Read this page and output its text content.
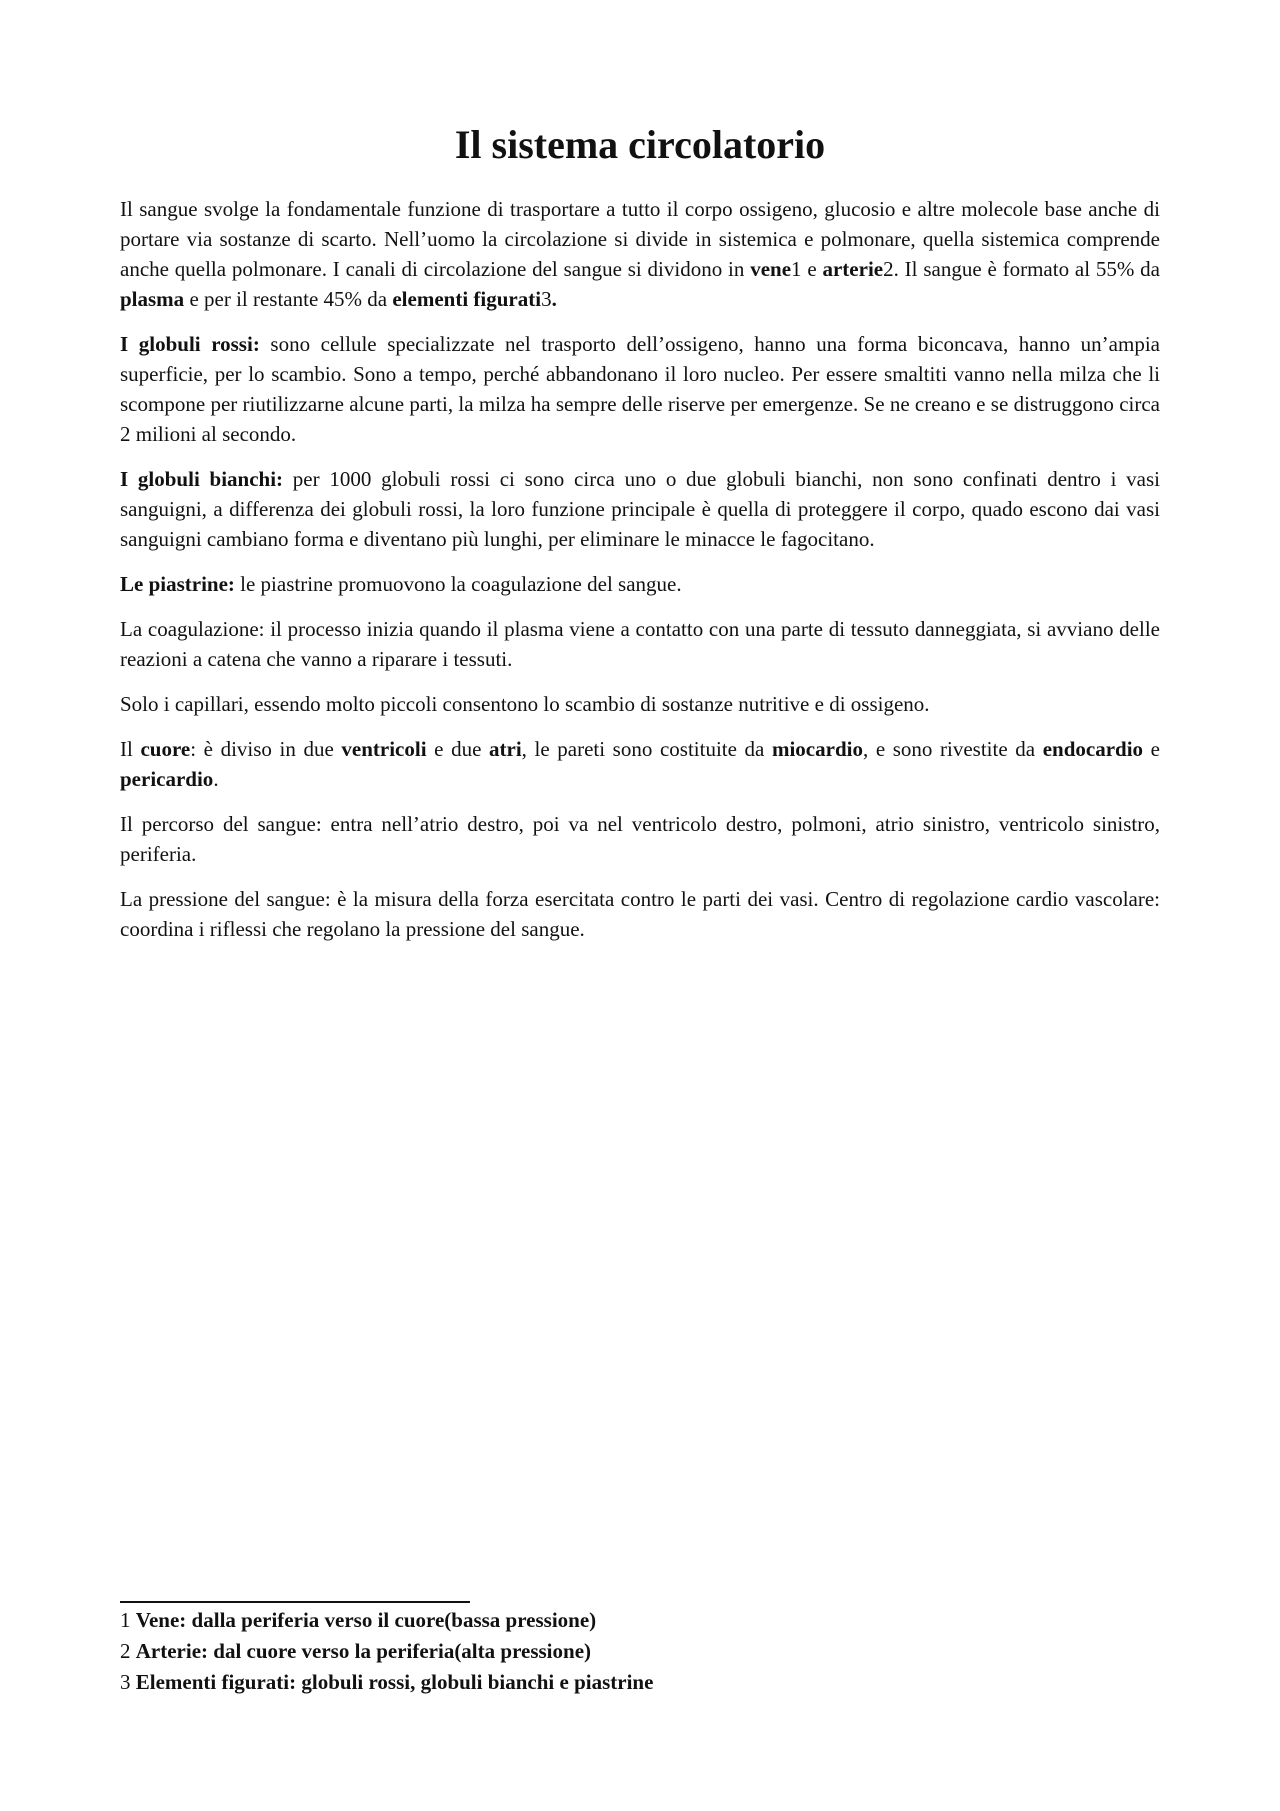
Il sistema circolatorio

Il sangue svolge la fondamentale funzione di trasportare a tutto il corpo ossigeno, glucosio e altre molecole base anche di portare via sostanze di scarto. Nell’uomo la circolazione si divide in sistemica e polmonare, quella sistemica comprende anche quella polmonare. I canali di circolazione del sangue si dividono in vene1 e arterie2. Il sangue è formato al 55% da plasma e per il restante 45% da elementi figurati3.

I globuli rossi: sono cellule specializzate nel trasporto dell’ossigeno, hanno una forma biconcava, hanno un’ampia superficie, per lo scambio. Sono a tempo, perché abbandonano il loro nucleo. Per essere smaltiti vanno nella milza che li scompone per riutilizzarne alcune parti, la milza ha sempre delle riserve per emergenze. Se ne creano e se distruggono circa 2 milioni al secondo.

I globuli bianchi: per 1000 globuli rossi ci sono circa uno o due globuli bianchi, non sono confinati dentro i vasi sanguigni, a differenza dei globuli rossi, la loro funzione principale è quella di proteggere il corpo, quado escono dai vasi sanguigni cambiano forma e diventano più lunghi, per eliminare le minacce le fagocitano.

Le piastrine: le piastrine promuovono la coagulazione del sangue.

La coagulazione: il processo inizia quando il plasma viene a contatto con una parte di tessuto danneggiata, si avviano delle reazioni a catena che vanno a riparare i tessuti.

Solo i capillari, essendo molto piccoli consentono lo scambio di sostanze nutritive e di ossigeno.

Il cuore: è diviso in due ventricoli e due atri, le pareti sono costituite da miocardio, e sono rivestite da endocardio e pericardio.

Il percorso del sangue: entra nell’atrio destro, poi va nel ventricolo destro, polmoni, atrio sinistro, ventricolo sinistro, periferia.

La pressione del sangue: è la misura della forza esercitata contro le parti dei vasi. Centro di regolazione cardio vascolare: coordina i riflessi che regolano la pressione del sangue.

1 Vene: dalla periferia verso il cuore(bassa pressione)
2 Arterie: dal cuore verso la periferia(alta pressione)
3 Elementi figurati: globuli rossi, globuli bianchi e piastrine
